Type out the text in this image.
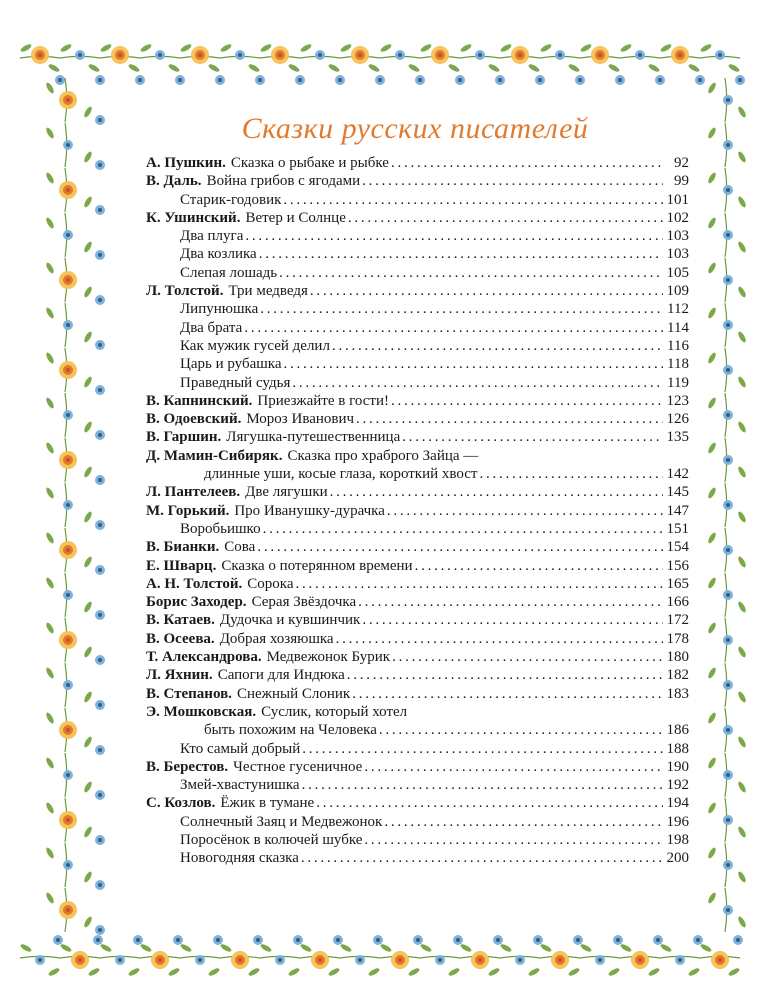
Сказки русских писателей
А. Пушкин. Сказка о рыбаке и рыбке . . .	92
В. Даль. Война грибов с ягодами . . .	99
Старик-годовик . . .	101
К. Ушинский. Ветер и Солнце . . .	102
Два плуга . . .	103
Два козлика . . .	103
Слепая лошадь . . .	105
Л. Толстой. Три медведя . . .	109
Липунюшка . . .	112
Два брата . . .	114
Как мужик гусей делил . . .	116
Царь и рубашка . . .	118
Праведный судья . . .	119
В. Капнинский. Приезжайте в гости! . . .	123
В. Одоевский. Мороз Иванович . . .	126
В. Гаршин. Лягушка-путешественница . . .	135
Д. Мамин-Сибиряк. Сказка про храброго Зайца —
длинные уши, косые глаза, короткий хвост . . .	142
Л. Пантелеев. Две лягушки . . .	145
М. Горький. Про Иванушку-дурачка . . .	147
Воробьишко . . .	151
В. Бианки. Сова . . .	154
Е. Шварц. Сказка о потерянном времени . . .	156
А. Н. Толстой. Сорока . . .	165
Борис Заходер. Серая Звёздочка . . .	166
В. Катаев. Дудочка и кувшинчик . . .	172
В. Осеева. Добрая хозяюшка . . .	178
Т. Александрова. Медвежонок Бурик . . .	180
Л. Яхнин. Сапоги для Индюка . . .	182
В. Степанов. Снежный Слоник . . .	183
Э. Мошковская. Суслик, который хотел
быть похожим на Человека . . .	186
Кто самый добрый . . .	188
В. Берестов. Честное гусеничное . . .	190
Змей-хвастунишка . . .	192
С. Козлов. Ёжик в тумане . . .	194
Солнечный Заяц и Медвежонок . . .	196
Поросёнок в колючей шубке . . .	198
Новогодняя сказка . . .	200
